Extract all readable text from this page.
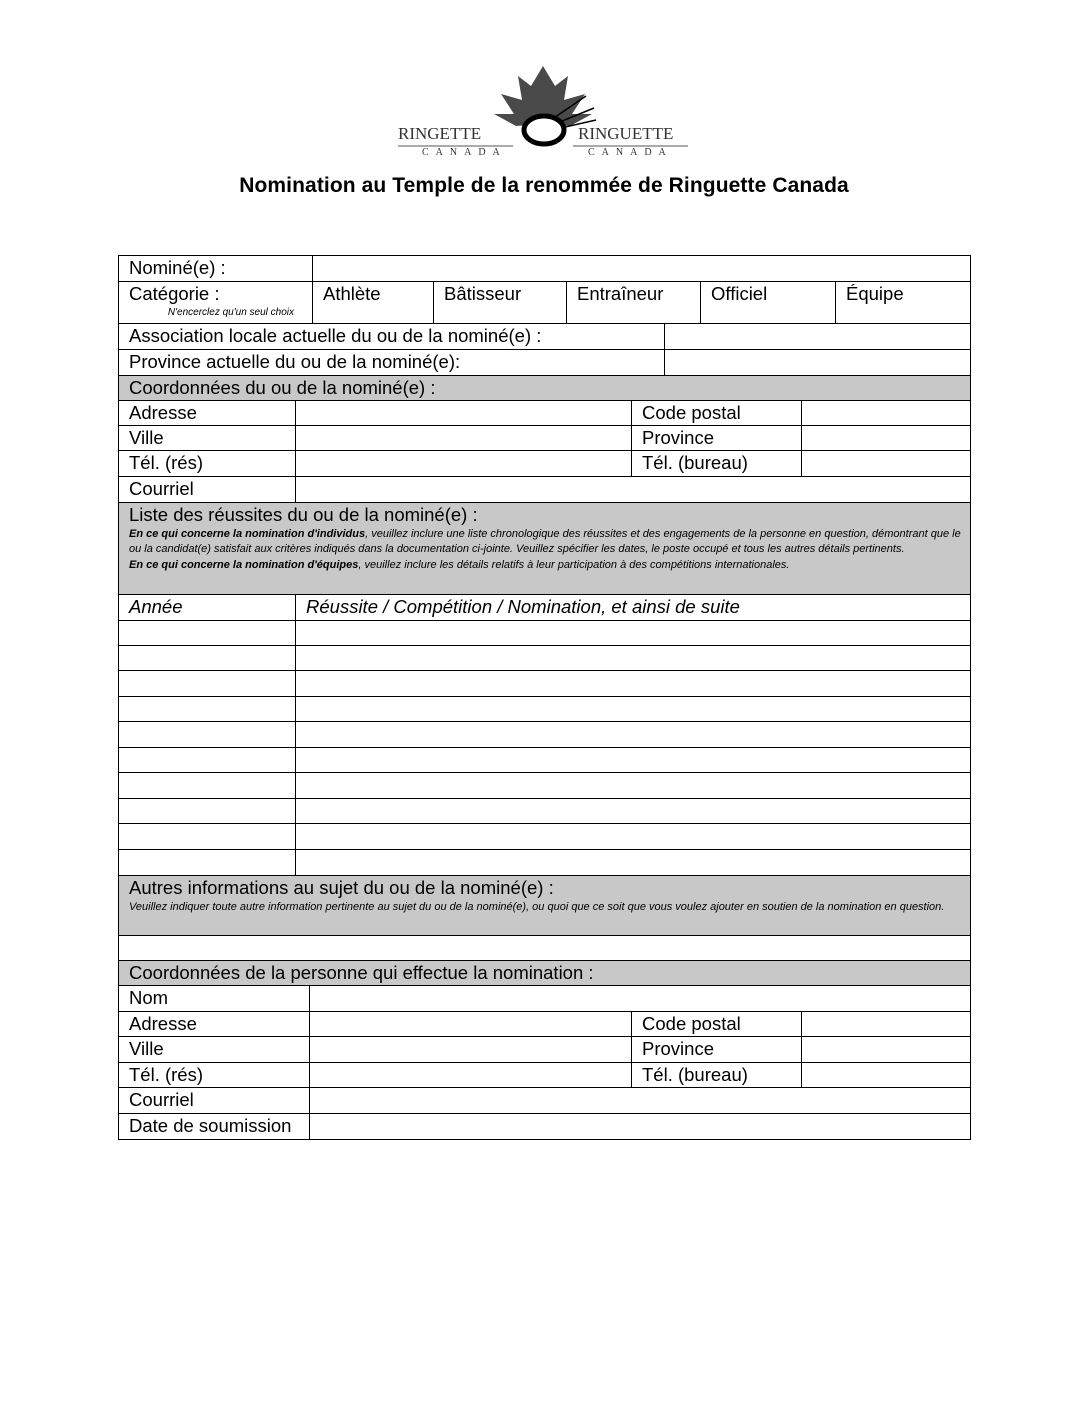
RINGETTE
CANADA
RINGUETTE
CANADA
Nomination au Temple de la renommée de Ringuette Canada
Nominé(e) :
Catégorie :
N'encerclez qu'un seul choix
Athlète	Bâtisseur	Entraîneur	Officiel	Équipe
Association locale actuelle du ou de la nominé(e) :
Province actuelle du ou de la nominé(e):
Coordonnées du ou de la nominé(e) :
Adresse	Code postal
Ville	Province
Tél. (rés)	Tél. (bureau)
Courriel
Liste des réussites du ou de la nominé(e) :
En ce qui concerne la nomination d'individus, veuillez inclure une liste chronologique des réussites et des engagements de la personne en question, démontrant que le ou la candidat(e) satisfait aux critères indiqués dans la documentation ci-jointe. Veuillez spécifier les dates, le poste occupé et tous les autres détails pertinents.
En ce qui concerne la nomination d'équipes, veuillez inclure les détails relatifs à leur participation à des compétitions internationales.
Année	Réussite / Compétition / Nomination, et ainsi de suite
Autres informations au sujet du ou de la nominé(e) :
Veuillez indiquer toute autre information pertinente au sujet du ou de la nominé(e), ou quoi que ce soit que vous voulez ajouter en soutien de la nomination en question.
Coordonnées de la personne qui effectue la nomination :
Nom
Adresse	Code postal
Ville	Province
Tél. (rés)	Tél. (bureau)
Courriel
Date de soumission
